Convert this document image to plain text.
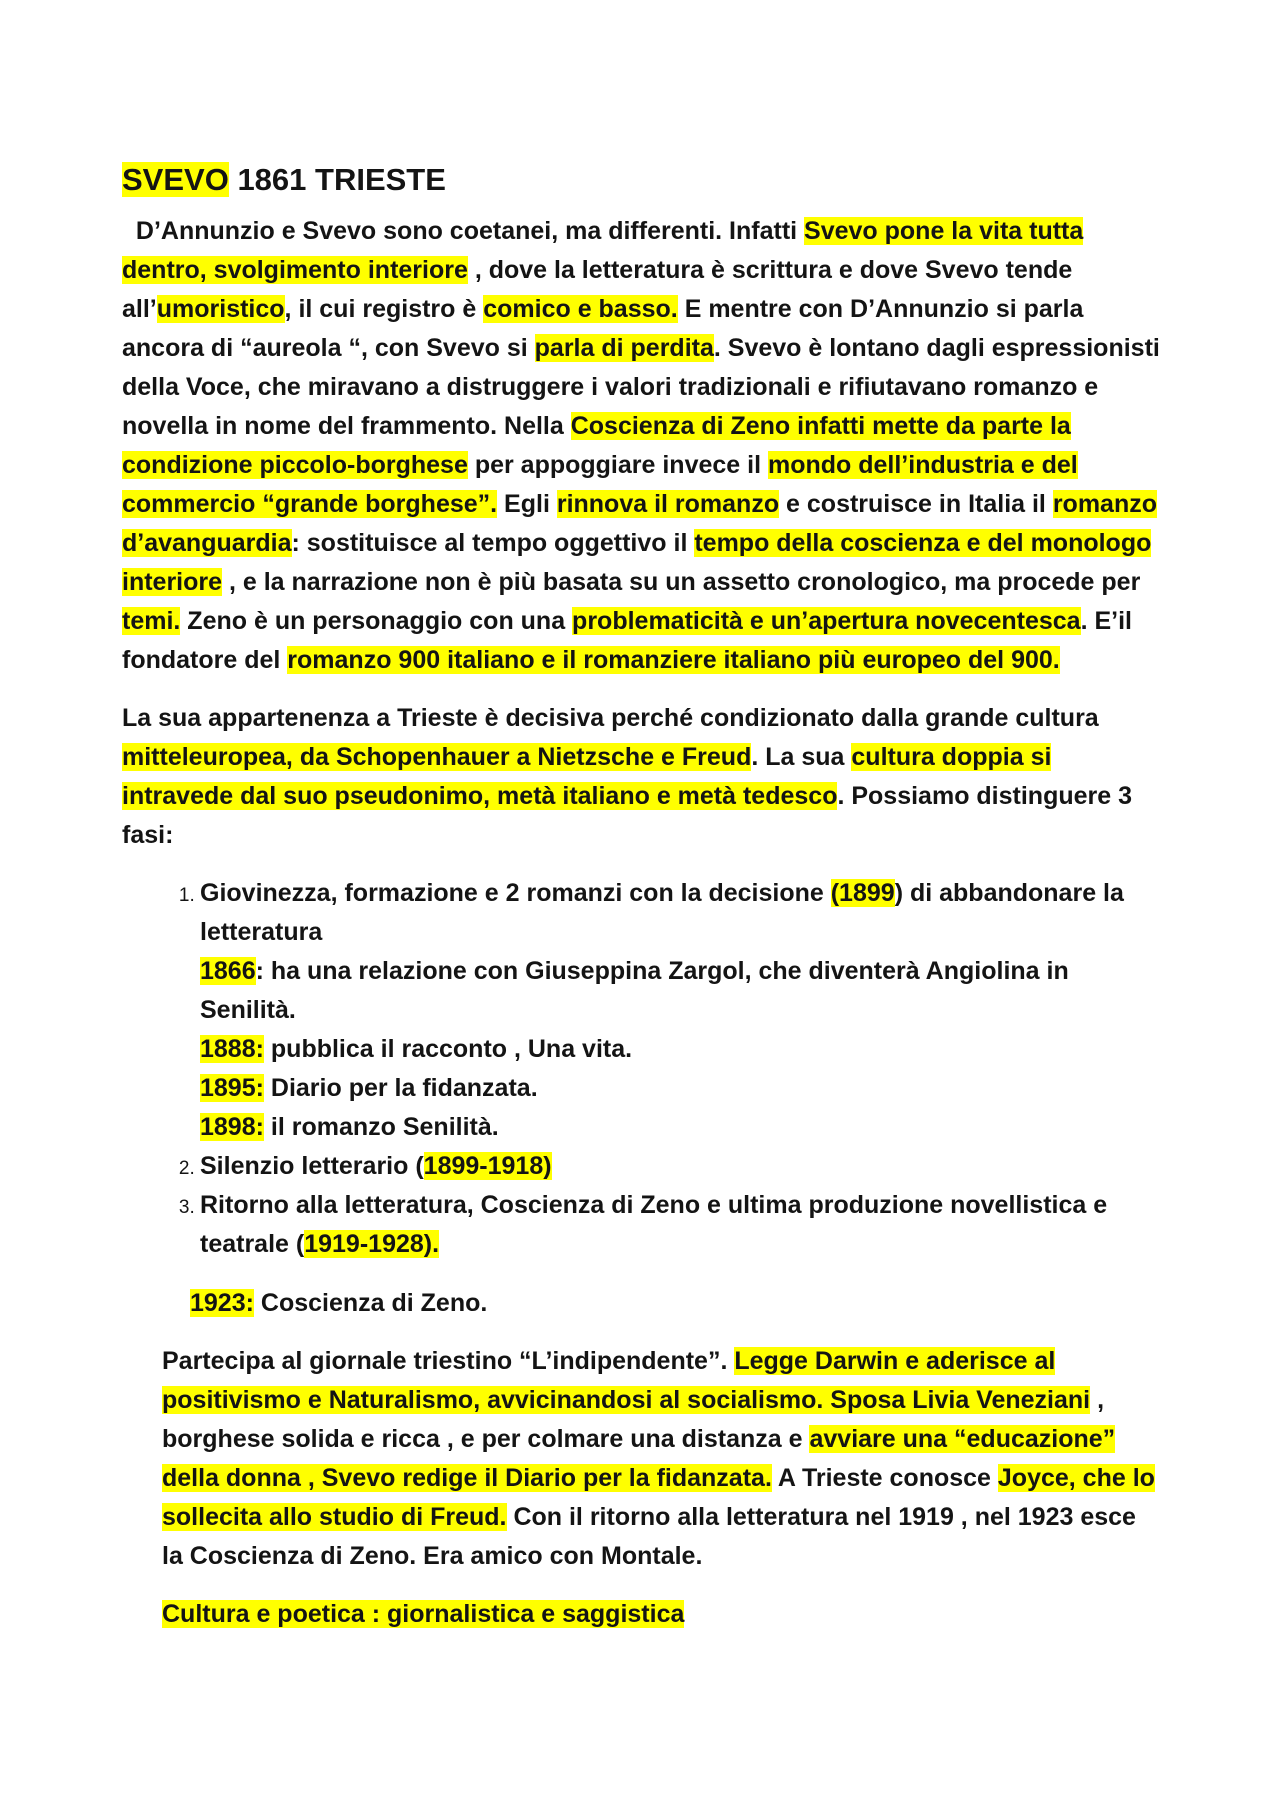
SVEVO 1861 TRIESTE

D’Annunzio e Svevo sono coetanei, ma differenti. Infatti Svevo pone la vita tutta dentro, svolgimento interiore , dove la letteratura è scrittura e dove Svevo tende all’umoristico, il cui registro è comico e basso. E mentre con D’Annunzio si parla ancora di “aureola “, con Svevo si parla di perdita. Svevo è lontano dagli espressionisti della Voce, che miravano a distruggere i valori tradizionali e rifiutavano romanzo e novella in nome del frammento. Nella Coscienza di Zeno infatti mette da parte la condizione piccolo-borghese per appoggiare invece il mondo dell’industria e del commercio “grande borghese”. Egli rinnova il romanzo e costruisce in Italia il romanzo d’avanguardia: sostituisce al tempo oggettivo il tempo della coscienza e del monologo interiore , e la narrazione non è più basata su un assetto cronologico, ma procede per temi. Zeno è un personaggio con una problematicità e un’apertura novecentesca. E’il fondatore del romanzo 900 italiano e il romanziere italiano più europeo del 900.

La sua appartenenza a Trieste è decisiva perché condizionato dalla grande cultura mitteleuropea, da Schopenhauer a Nietzsche e Freud. La sua cultura doppia si intravede dal suo pseudonimo, metà italiano e metà tedesco. Possiamo distinguere 3 fasi:

1. Giovinezza, formazione e 2 romanzi con la decisione (1899) di abbandonare la letteratura
1866: ha una relazione con Giuseppina Zargol, che diventerà Angiolina in Senilità.
1888: pubblica il racconto , Una vita.
1895: Diario per la fidanzata.
1898: il romanzo Senilità.
2. Silenzio letterario (1899-1918)
3. Ritorno alla letteratura, Coscienza di Zeno e ultima produzione novellistica e teatrale (1919-1928).

1923: Coscienza di Zeno.

Partecipa al giornale triestino “L’indipendente”. Legge Darwin e aderisce al positivismo e Naturalismo, avvicinandosi al socialismo. Sposa Livia Veneziani , borghese solida e ricca , e per colmare una distanza e avviare una “educazione” della donna , Svevo redige il Diario per la fidanzata. A Trieste conosce Joyce, che lo sollecita allo studio di Freud. Con il ritorno alla letteratura nel 1919 , nel 1923 esce la Coscienza di Zeno. Era amico con Montale.

Cultura e poetica : giornalistica e saggistica
